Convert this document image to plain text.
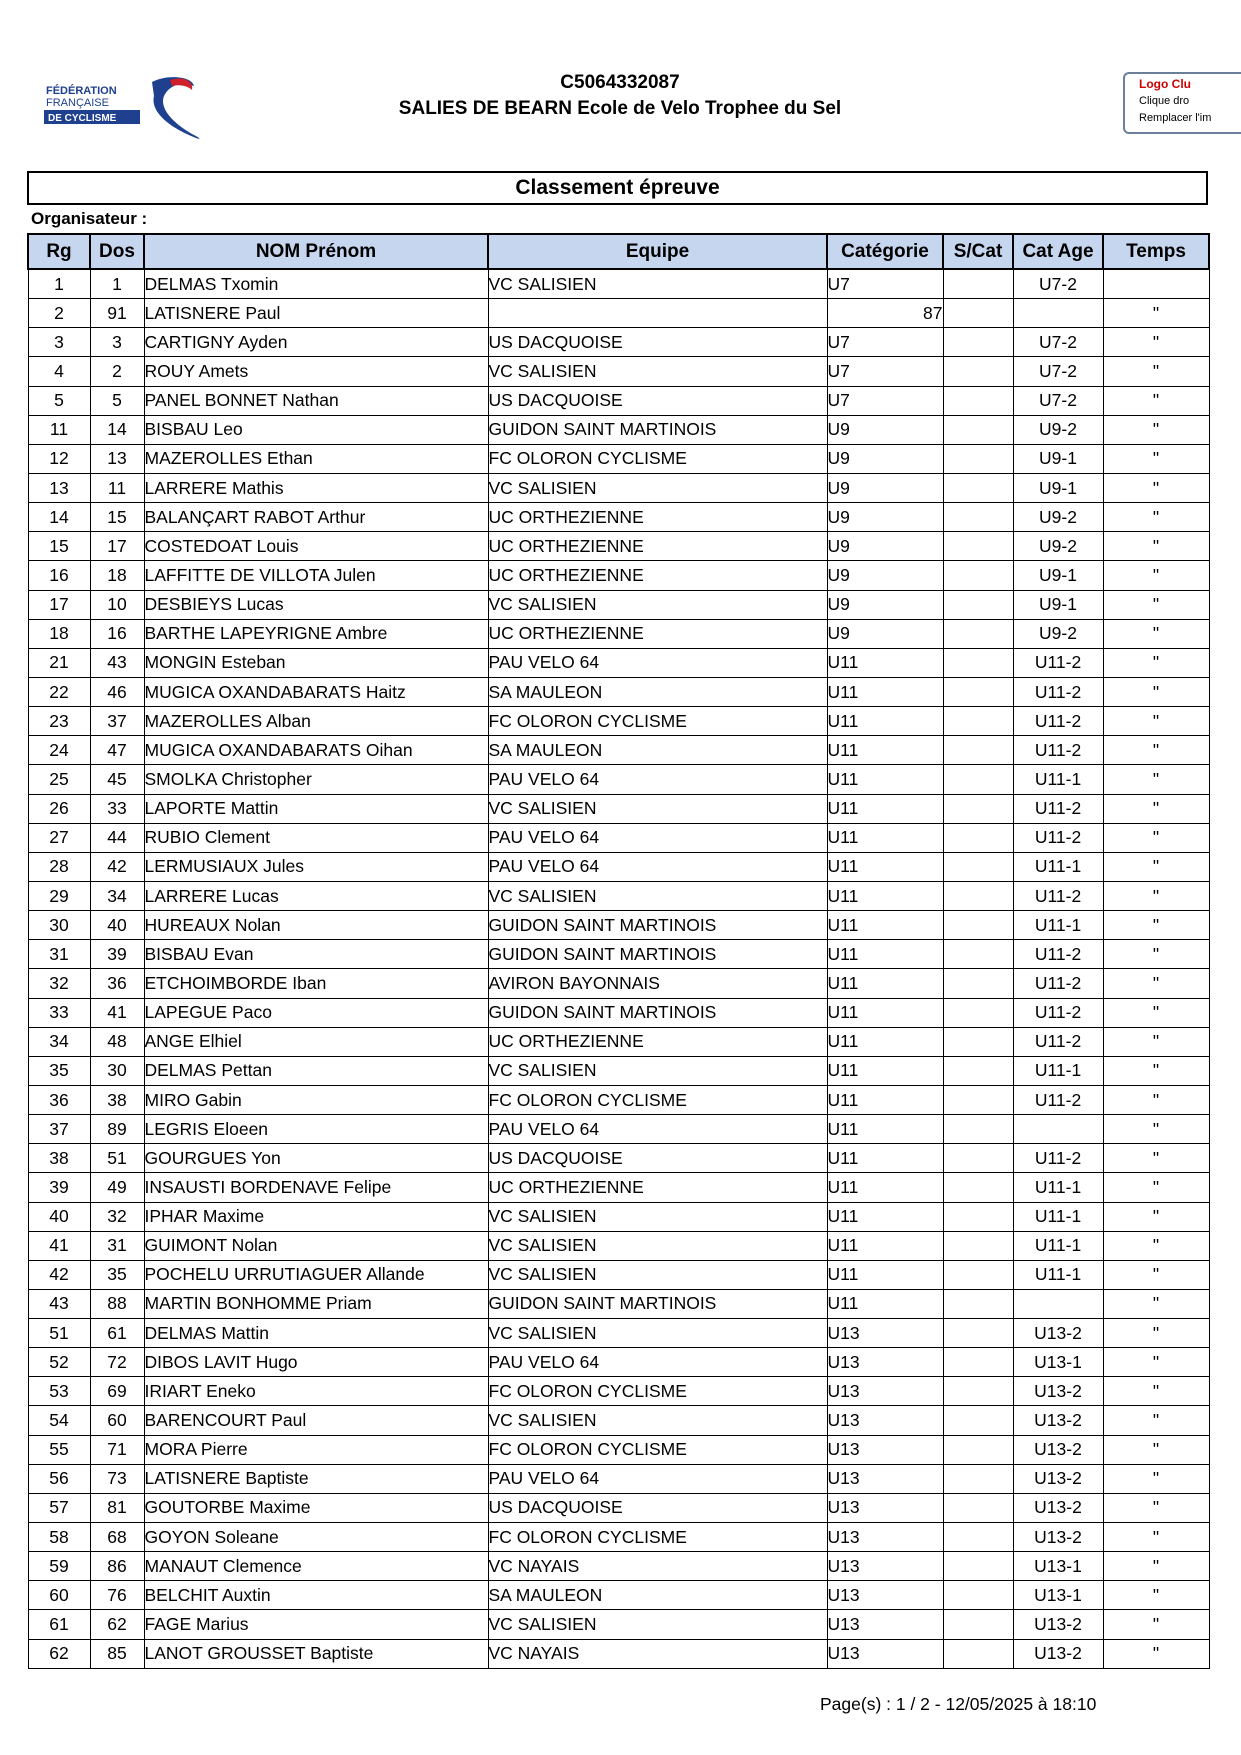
FÉDÉRATION
FRANÇAISE
DE CYCLISME
C5064332087
SALIES DE BEARN Ecole de Velo Trophee du Sel
Logo Clu
Clique dro
Remplacer l'im
Classement épreuve
Organisateur :
Rg	Dos	NOM Prénom	Equipe	Catégorie	S/Cat	Cat Age	Temps
1	1	DELMAS Txomin	VC SALISIEN	U7		U7-2	
2	91	LATISNERE Paul		87			"
3	3	CARTIGNY Ayden	US DACQUOISE	U7		U7-2	"
4	2	ROUY Amets	VC SALISIEN	U7		U7-2	"
5	5	PANEL BONNET Nathan	US DACQUOISE	U7		U7-2	"
11	14	BISBAU Leo	GUIDON SAINT MARTINOIS	U9		U9-2	"
12	13	MAZEROLLES Ethan	FC OLORON CYCLISME	U9		U9-1	"
13	11	LARRERE Mathis	VC SALISIEN	U9		U9-1	"
14	15	BALANÇART RABOT Arthur	UC ORTHEZIENNE	U9		U9-2	"
15	17	COSTEDOAT Louis	UC ORTHEZIENNE	U9		U9-2	"
16	18	LAFFITTE DE VILLOTA Julen	UC ORTHEZIENNE	U9		U9-1	"
17	10	DESBIEYS Lucas	VC SALISIEN	U9		U9-1	"
18	16	BARTHE LAPEYRIGNE Ambre	UC ORTHEZIENNE	U9		U9-2	"
21	43	MONGIN Esteban	PAU VELO 64	U11		U11-2	"
22	46	MUGICA OXANDABARATS Haitz	SA MAULEON	U11		U11-2	"
23	37	MAZEROLLES Alban	FC OLORON CYCLISME	U11		U11-2	"
24	47	MUGICA OXANDABARATS Oihan	SA MAULEON	U11		U11-2	"
25	45	SMOLKA Christopher	PAU VELO 64	U11		U11-1	"
26	33	LAPORTE Mattin	VC SALISIEN	U11		U11-2	"
27	44	RUBIO Clement	PAU VELO 64	U11		U11-2	"
28	42	LERMUSIAUX Jules	PAU VELO 64	U11		U11-1	"
29	34	LARRERE Lucas	VC SALISIEN	U11		U11-2	"
30	40	HUREAUX Nolan	GUIDON SAINT MARTINOIS	U11		U11-1	"
31	39	BISBAU Evan	GUIDON SAINT MARTINOIS	U11		U11-2	"
32	36	ETCHOIMBORDE Iban	AVIRON BAYONNAIS	U11		U11-2	"
33	41	LAPEGUE Paco	GUIDON SAINT MARTINOIS	U11		U11-2	"
34	48	ANGE Elhiel	UC ORTHEZIENNE	U11		U11-2	"
35	30	DELMAS Pettan	VC SALISIEN	U11		U11-1	"
36	38	MIRO Gabin	FC OLORON CYCLISME	U11		U11-2	"
37	89	LEGRIS Eloeen	PAU VELO 64	U11			"
38	51	GOURGUES Yon	US DACQUOISE	U11		U11-2	"
39	49	INSAUSTI BORDENAVE Felipe	UC ORTHEZIENNE	U11		U11-1	"
40	32	IPHAR Maxime	VC SALISIEN	U11		U11-1	"
41	31	GUIMONT Nolan	VC SALISIEN	U11		U11-1	"
42	35	POCHELU URRUTIAGUER Allande	VC SALISIEN	U11		U11-1	"
43	88	MARTIN BONHOMME Priam	GUIDON SAINT MARTINOIS	U11			"
51	61	DELMAS Mattin	VC SALISIEN	U13		U13-2	"
52	72	DIBOS LAVIT Hugo	PAU VELO 64	U13		U13-1	"
53	69	IRIART Eneko	FC OLORON CYCLISME	U13		U13-2	"
54	60	BARENCOURT Paul	VC SALISIEN	U13		U13-2	"
55	71	MORA Pierre	FC OLORON CYCLISME	U13		U13-2	"
56	73	LATISNERE Baptiste	PAU VELO 64	U13		U13-2	"
57	81	GOUTORBE Maxime	US DACQUOISE	U13		U13-2	"
58	68	GOYON Soleane	FC OLORON CYCLISME	U13		U13-2	"
59	86	MANAUT Clemence	VC NAYAIS	U13		U13-1	"
60	76	BELCHIT Auxtin	SA MAULEON	U13		U13-1	"
61	62	FAGE Marius	VC SALISIEN	U13		U13-2	"
62	85	LANOT GROUSSET Baptiste	VC NAYAIS	U13		U13-2	"
Page(s) : 1 / 2 - 12/05/2025 à 18:10
